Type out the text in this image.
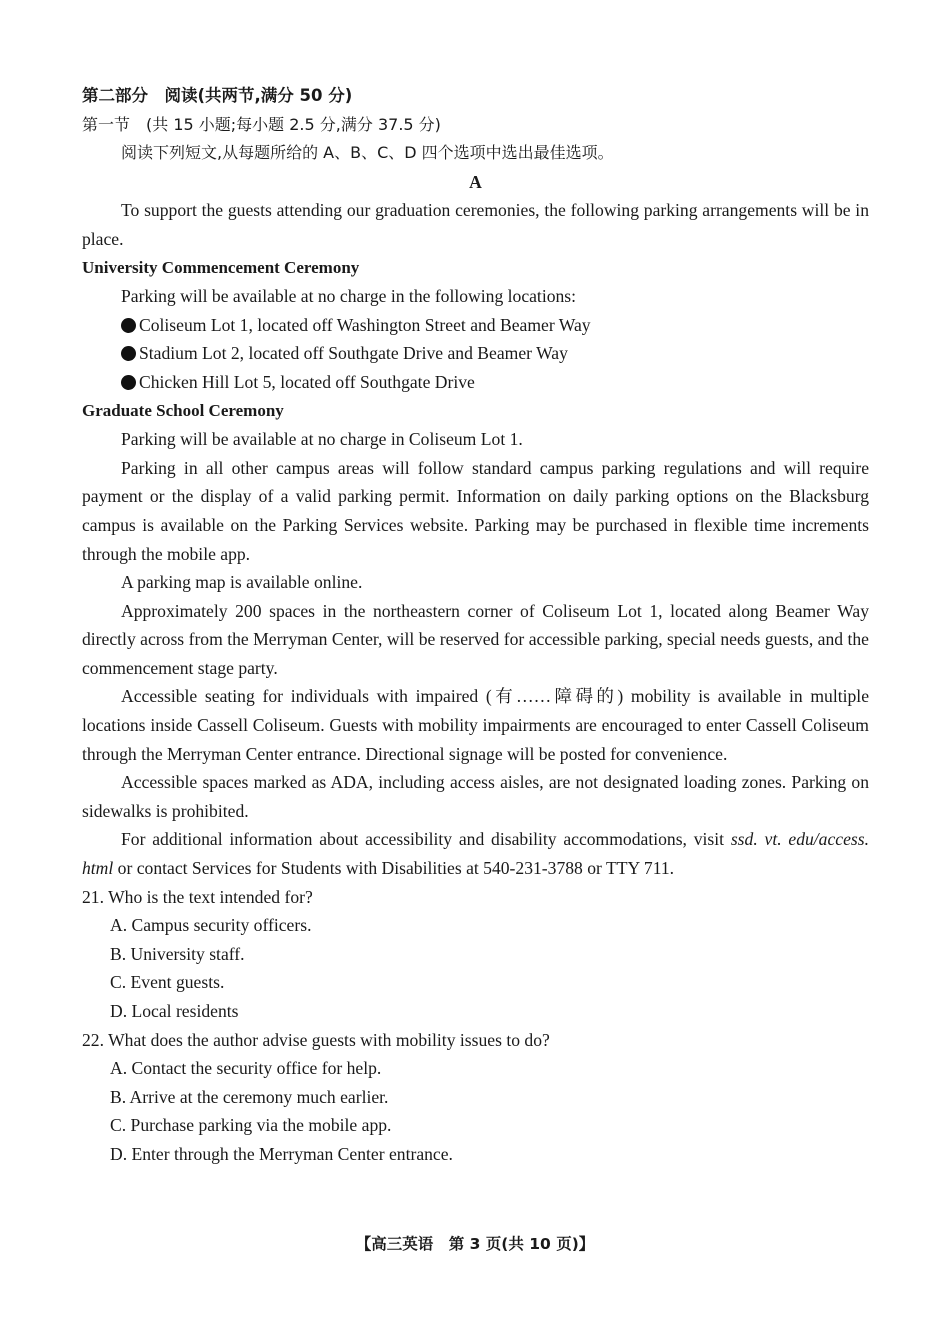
第二部分　阅读(共两节,满分 50 分)
第一节　(共 15 小题;每小题 2.5 分,满分 37.5 分)
阅读下列短文,从每题所给的 A、B、C、D 四个选项中选出最佳选项。
A

To support the guests attending our graduation ceremonies, the following parking arrangements will be in place.

University Commencement Ceremony

Parking will be available at no charge in the following locations:

Coliseum Lot 1, located off Washington Street and Beamer Way
Stadium Lot 2, located off Southgate Drive and Beamer Way
Chicken Hill Lot 5, located off Southgate Drive
Graduate School Ceremony

Parking will be available at no charge in Coliseum Lot 1.

Parking in all other campus areas will follow standard campus parking regulations and will require payment or the display of a valid parking permit. Information on daily parking options on the Blacksburg campus is available on the Parking Services website. Parking may be purchased in flexible time increments through the mobile app.

A parking map is available online.

Approximately 200 spaces in the northeastern corner of Coliseum Lot 1, located along Beamer Way directly across from the Merryman Center, will be reserved for accessible parking, special needs guests, and the commencement stage party.

Accessible seating for individuals with impaired (有……障碍的) mobility is available in multiple locations inside Cassell Coliseum. Guests with mobility impairments are encouraged to enter Cassell Coliseum through the Merryman Center entrance. Directional signage will be posted for convenience.

Accessible spaces marked as ADA, including access aisles, are not designated loading zones. Parking on sidewalks is prohibited.

For additional information about accessibility and disability accommodations, visit ssd. vt. edu/access. html or contact Services for Students with Disabilities at 540-231-3788 or TTY 711.

21. Who is the text intended for?
A. Campus security officers.
B. University staff.
C. Event guests.
D. Local residents
22. What does the author advise guests with mobility issues to do?
A. Contact the security office for help.
B. Arrive at the ceremony much earlier.
C. Purchase parking via the mobile app.
D. Enter through the Merryman Center entrance.
【高三英语　第 3 页(共 10 页)】
